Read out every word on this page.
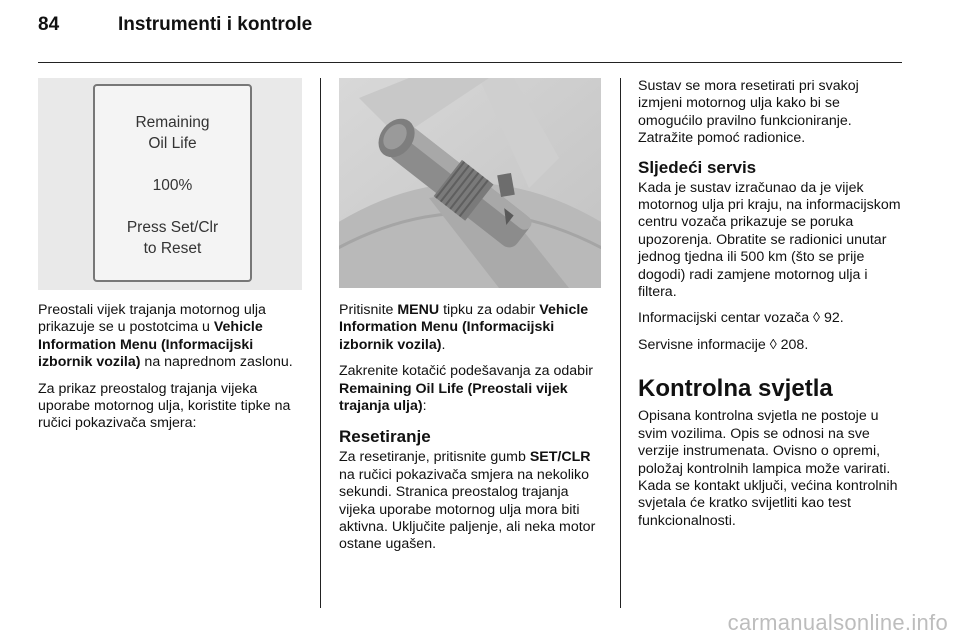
84	Instrumenti i kontrole
Remaining
Oil Life
100%
Press Set/Clr
to Reset

Preostali vijek trajanja motornog ulja prikazuje se u postotcima u Vehicle Information Menu (Informacijski izbornik vozila) na naprednom zaslonu.

Za prikaz preostalog trajanja vijeka uporabe motornog ulja, koristite tipke na ručici pokazivača smjera:

Pritisnite MENU tipku za odabir Vehicle Information Menu (Informacijski izbornik vozila).

Zakrenite kotačić podešavanja za odabir Remaining Oil Life (Preostali vijek trajanja ulja):

Resetiranje

Za resetiranje, pritisnite gumb SET/CLR na ručici pokazivača smjera na nekoliko sekundi. Stranica preostalog trajanja vijeka uporabe motornog ulja mora biti aktivna. Uključite paljenje, ali neka motor ostane ugašen.

Sustav se mora resetirati pri svakoj izmjeni motornog ulja kako bi se omogućilo pravilno funkcioniranje. Zatražite pomoć radionice.

Sljedeći servis

Kada je sustav izračunao da je vijek motornog ulja pri kraju, na informacijskom centru vozača prikazuje se poruka upozorenja. Obratite se radionici unutar jednog tjedna ili 500 km (što se prije dogodi) radi zamjene motornog ulja i filtera.

Informacijski centar vozača ◊ 92.

Servisne informacije ◊ 208.

Kontrolna svjetla

Opisana kontrolna svjetla ne postoje u svim vozilima. Opis se odnosi na sve verzije instrumenata. Ovisno o opremi, položaj kontrolnih lampica može varirati. Kada se kontakt uključi, većina kontrolnih svjetala će kratko svijetliti kao test funkcionalnosti.

carmanualsonline.info
